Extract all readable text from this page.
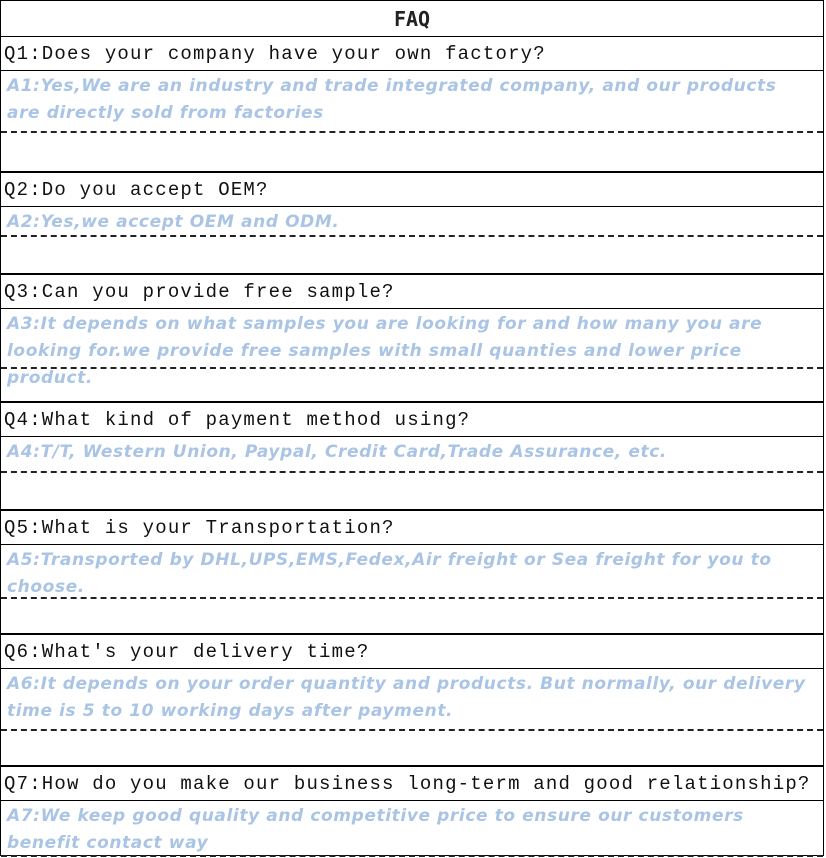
FAQ
Q1:Does your company have your own factory?
A1:Yes,We are an industry and trade integrated company, and our products are directly sold from factories
Q2:Do you accept OEM?
A2:Yes,we accept OEM and ODM.
Q3:Can you provide free sample?
A3:It depends on what samples you are looking for and how many you are looking for.we provide free samples with small quanties and lower price product.
Q4:What kind of payment method using?
A4:T/T, Western Union, Paypal, Credit Card,Trade Assurance, etc.
Q5:What is your Transportation?
A5:Transported by DHL,UPS,EMS,Fedex,Air freight or Sea freight for you to choose.
Q6:What's your delivery time?
A6:It depends on your order quantity and products. But normally, our delivery time is 5 to 10 working days after payment.
Q7:How do you make our business long-term and good relationship?
A7:We keep good quality and competitive price to ensure our customers benefit contact way
